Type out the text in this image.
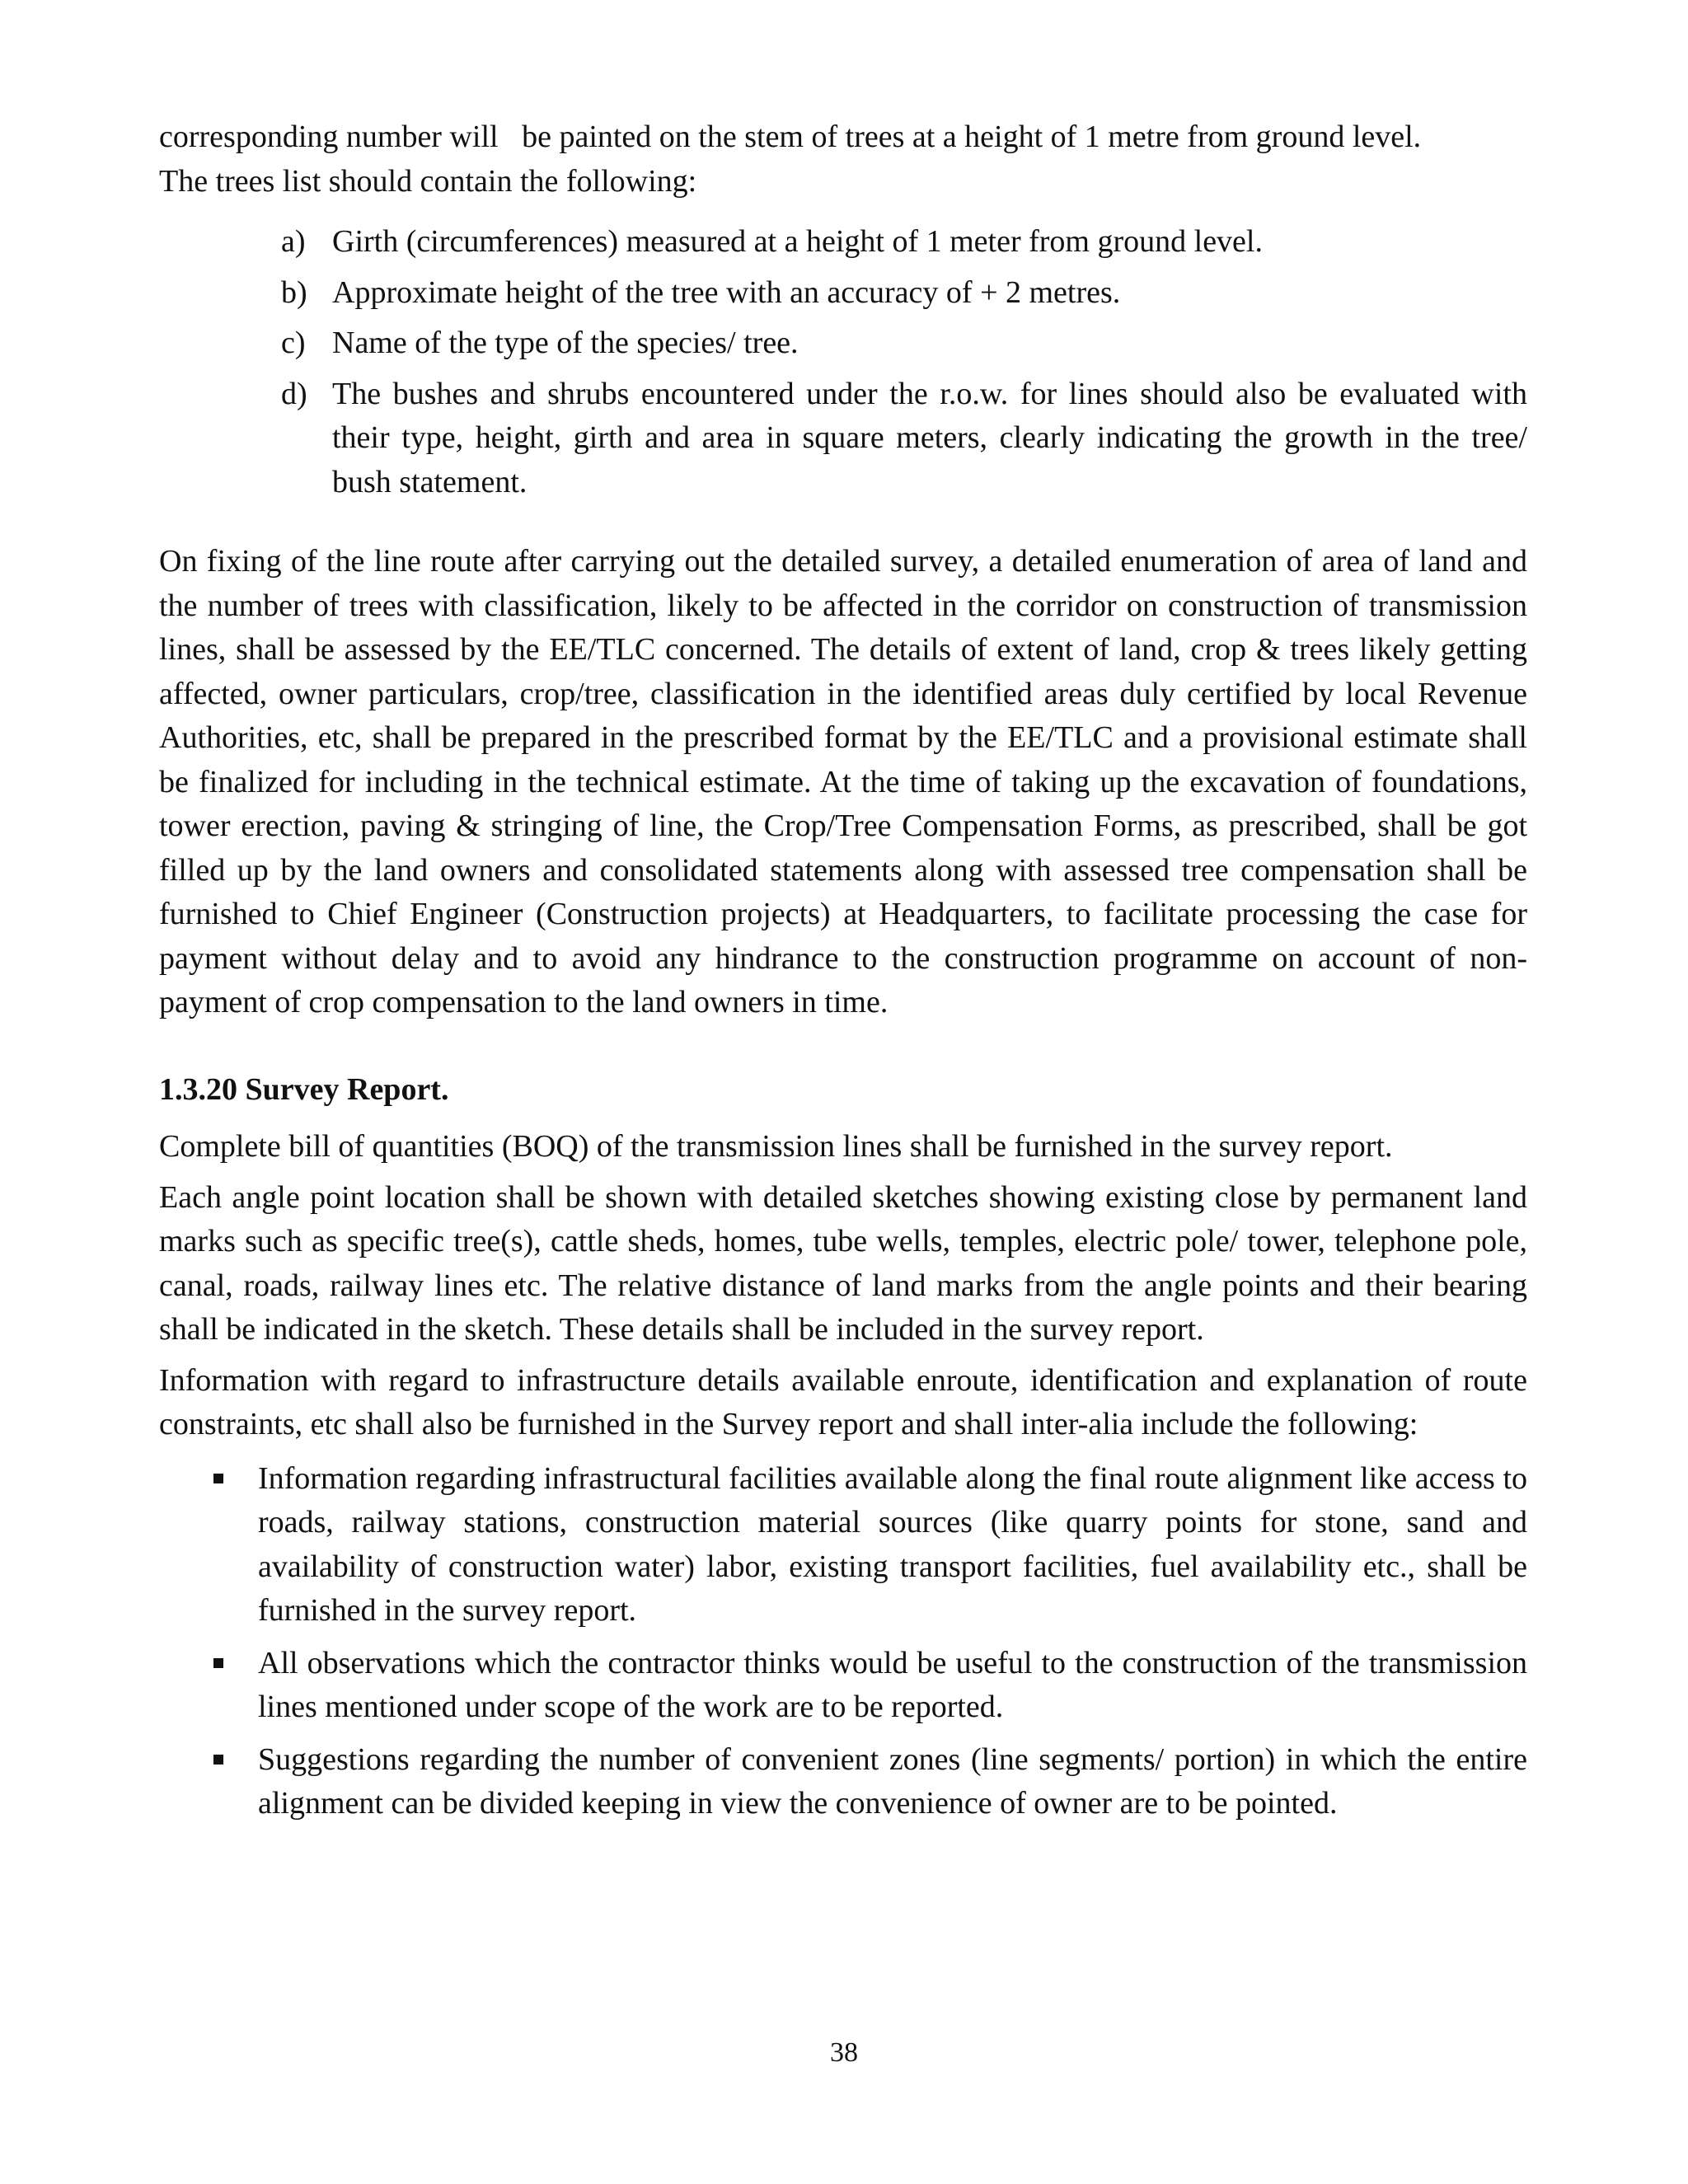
corresponding number will   be painted on the stem of trees at a height of 1 metre from ground level.
The trees list should contain the following:
a) Girth (circumferences) measured at a height of 1 meter from ground level.
b) Approximate height of the tree with an accuracy of + 2 metres.
c) Name of the type of the species/ tree.
d) The bushes and shrubs encountered under the r.o.w. for lines should also be evaluated with their type, height, girth and area in square meters, clearly indicating the growth in the tree/ bush statement.

On fixing of the line route after carrying out the detailed survey, a detailed enumeration of area of land and the number of trees with classification, likely to be affected in the corridor on construction of transmission lines, shall be assessed by the EE/TLC concerned. The details of extent of land, crop & trees likely getting affected, owner particulars, crop/tree, classification in the identified areas duly certified by local Revenue Authorities, etc, shall be prepared in the prescribed format by the EE/TLC and a provisional estimate shall be finalized for including in the technical estimate. At the time of taking up the excavation of foundations, tower erection, paving & stringing of line, the Crop/Tree Compensation Forms, as prescribed, shall be got filled up by the land owners and consolidated statements along with assessed tree compensation shall be furnished to Chief Engineer (Construction projects) at Headquarters, to facilitate processing the case for payment without delay and to avoid any hindrance to the construction programme on account of non-payment of crop compensation to the land owners in time.

1.3.20 Survey Report.

Complete bill of quantities (BOQ) of the transmission lines shall be furnished in the survey report.

Each angle point location shall be shown with detailed sketches showing existing close by permanent land marks such as specific tree(s), cattle sheds, homes, tube wells, temples, electric pole/ tower, telephone pole, canal, roads, railway lines etc. The relative distance of land marks from the angle points and their bearing shall be indicated in the sketch. These details shall be included in the survey report.

Information with regard to infrastructure details available enroute, identification and explanation of route constraints, etc shall also be furnished in the Survey report and shall inter-alia include the following:

Information regarding infrastructural facilities available along the final route alignment like access to roads, railway stations, construction material sources (like quarry points for stone, sand and availability of construction water) labor, existing transport facilities, fuel availability etc., shall be furnished in the survey report.
All observations which the contractor thinks would be useful to the construction of the transmission lines mentioned under scope of the work are to be reported.
Suggestions regarding the number of convenient zones (line segments/ portion) in which the entire alignment can be divided keeping in view the convenience of owner are to be pointed.
38
